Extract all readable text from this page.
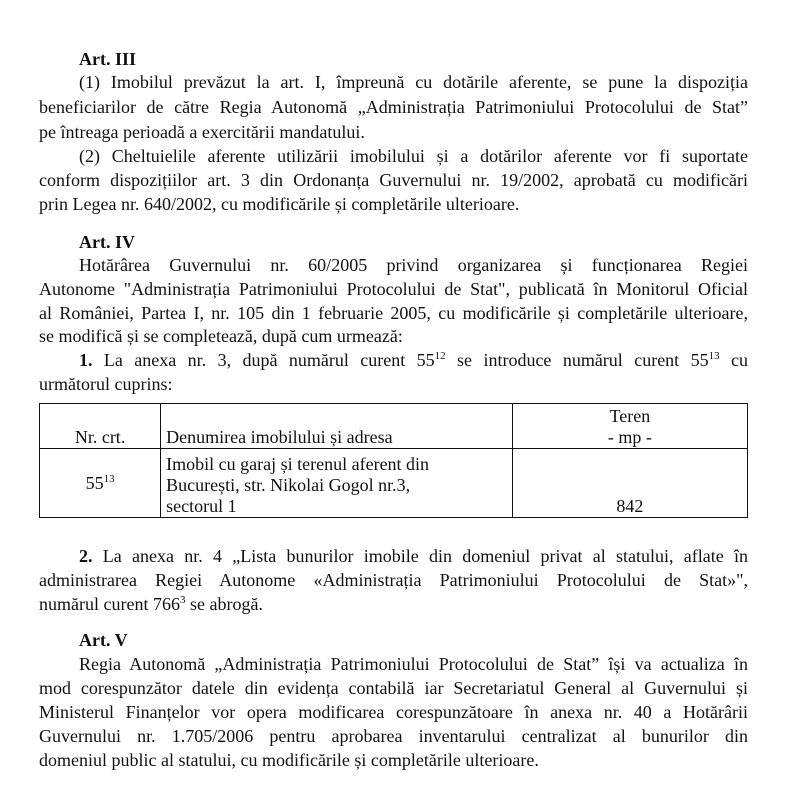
Art. III
(1) Imobilul prevăzut la art. I, împreună cu dotările aferente, se pune la dispoziția
beneficiarilor de către Regia Autonomă „Administrația Patrimoniului Protocolului de Stat”
pe întreaga perioadă a exercitării mandatului.
(2) Cheltuielile aferente utilizării imobilului și a dotărilor aferente vor fi suportate
conform dispozițiilor art. 3 din Ordonanța Guvernului nr. 19/2002, aprobată cu modificări
prin Legea nr. 640/2002, cu modificările și completările ulterioare.
Art. IV
Hotărârea Guvernului nr. 60/2005 privind organizarea și funcționarea Regiei
Autonome "Administrația Patrimoniului Protocolului de Stat", publicată în Monitorul Oficial
al României, Partea I, nr. 105 din 1 februarie 2005, cu modificările și completările ulterioare,
se modifică și se completează, după cum urmează:
1. La anexa nr. 3, după numărul curent $55^{12}$ se introduce numărul curent $55^{13}$ cu
următorul cuprins:
Nr. crt.	Denumirea imobilului și adresa	Teren
- mp -

$55^{13}$	Imobil cu garaj și terenul aferent din
București, str. Nikolai Gogol nr.3,
sectorul 1	842
2. La anexa nr. 4 „Lista bunurilor imobile din domeniul privat al statului, aflate în
administrarea Regiei Autonome «Administrația Patrimoniului Protocolului de Stat»",
numărul curent $766^3$ se abrogă.
Art. V
Regia Autonomă „Administrația Patrimoniului Protocolului de Stat” își va actualiza în
mod corespunzător datele din evidența contabilă iar Secretariatul General al Guvernului și
Ministerul Finanțelor vor opera modificarea corespunzătoare în anexa nr. 40 a Hotărârii
Guvernului nr. 1.705/2006 pentru aprobarea inventarului centralizat al bunurilor din
domeniul public al statului, cu modificările și completările ulterioare.
